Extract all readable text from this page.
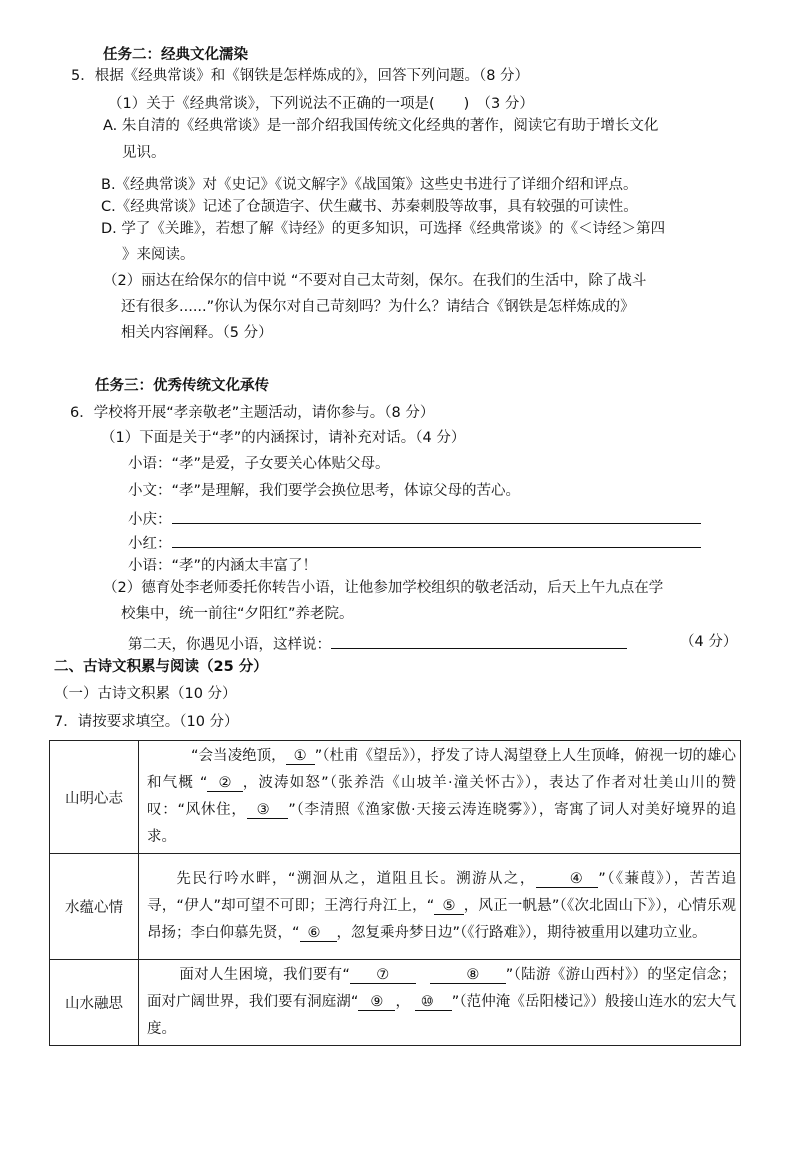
任务二：经典文化濡染
5．根据《经典常谈》和《钢铁是怎样炼成的》，回答下列问题。（8 分）
（1）关于《经典常谈》，下列说法不正确的一项是(　　)　（3 分）
A. 朱自清的《经典常谈》是一部介绍我国传统文化经典的著作，阅读它有助于增长文化
见识。
B.《经典常谈》对《史记》《说文解字》《战国策》这些史书进行了详细介绍和评点。
C.《经典常谈》记述了仓颉造字、伏生藏书、苏秦刺股等故事，具有较强的可读性。
D. 学了《关雎》，若想了解《诗经》的更多知识，可选择《经典常谈》的《＜诗经＞第四
》来阅读。
（2）丽达在给保尔的信中说 “不要对自己太苛刻，保尔。在我们的生活中，除了战斗
还有很多......”你认为保尔对自己苛刻吗？为什么？请结合《钢铁是怎样炼成的》
相关内容阐释。（5 分）
任务三：优秀传统文化承传
6．学校将开展“孝亲敬老”主题活动，请你参与。（8 分）
（1）下面是关于“孝”的内涵探讨，请补充对话。（4 分）
小语：“孝”是爱，子女要关心体贴父母。
小文：“孝”是理解，我们要学会换位思考，体谅父母的苦心。
小庆：
小红：
小语：“孝”的内涵太丰富了！
（2）德育处李老师委托你转告小语，让他参加学校组织的敬老活动，后天上午九点在学
校集中，统一前往“夕阳红”养老院。
第二天，你遇见小语，这样说：	（4 分）
二、古诗文积累与阅读（25 分）
（一）古诗文积累（10 分）
7．请按要求填空。（10 分）
山明心志	“会当凌绝顶， ① ”（杜甫《望岳》），抒发了诗人渴望登上人生顶峰，俯视一切的雄心和气概 “ ② ，波涛如怒”（张养浩《山坡羊·潼关怀古》），表达了作者对壮美山川的赞叹：“风休住， ③ ”（李清照《渔家傲·天接云涛连晓雾》），寄寓了词人对美好境界的追求。
水蕴心情	先民行吟水畔，“溯洄从之，道阻且长。溯游从之， ④ ”（《蒹葭》），苦苦追寻，“伊人”却可望不可即；王湾行舟江上，“ ⑤ ，风正一帆悬”（《次北固山下》），心情乐观昂扬；李白仰慕先贤，“ ⑥ ，忽复乘舟梦日边”（《行路难》），期待被重用以建功立业。
山水融思	面对人生困境，我们要有“ ⑦ ⑧ ”（陆游《游山西村》）的坚定信念；面对广阔世界，我们要有洞庭湖“ ⑨ ， ⑩ ”（范仲淹《岳阳楼记》）般接山连水的宏大气度。
